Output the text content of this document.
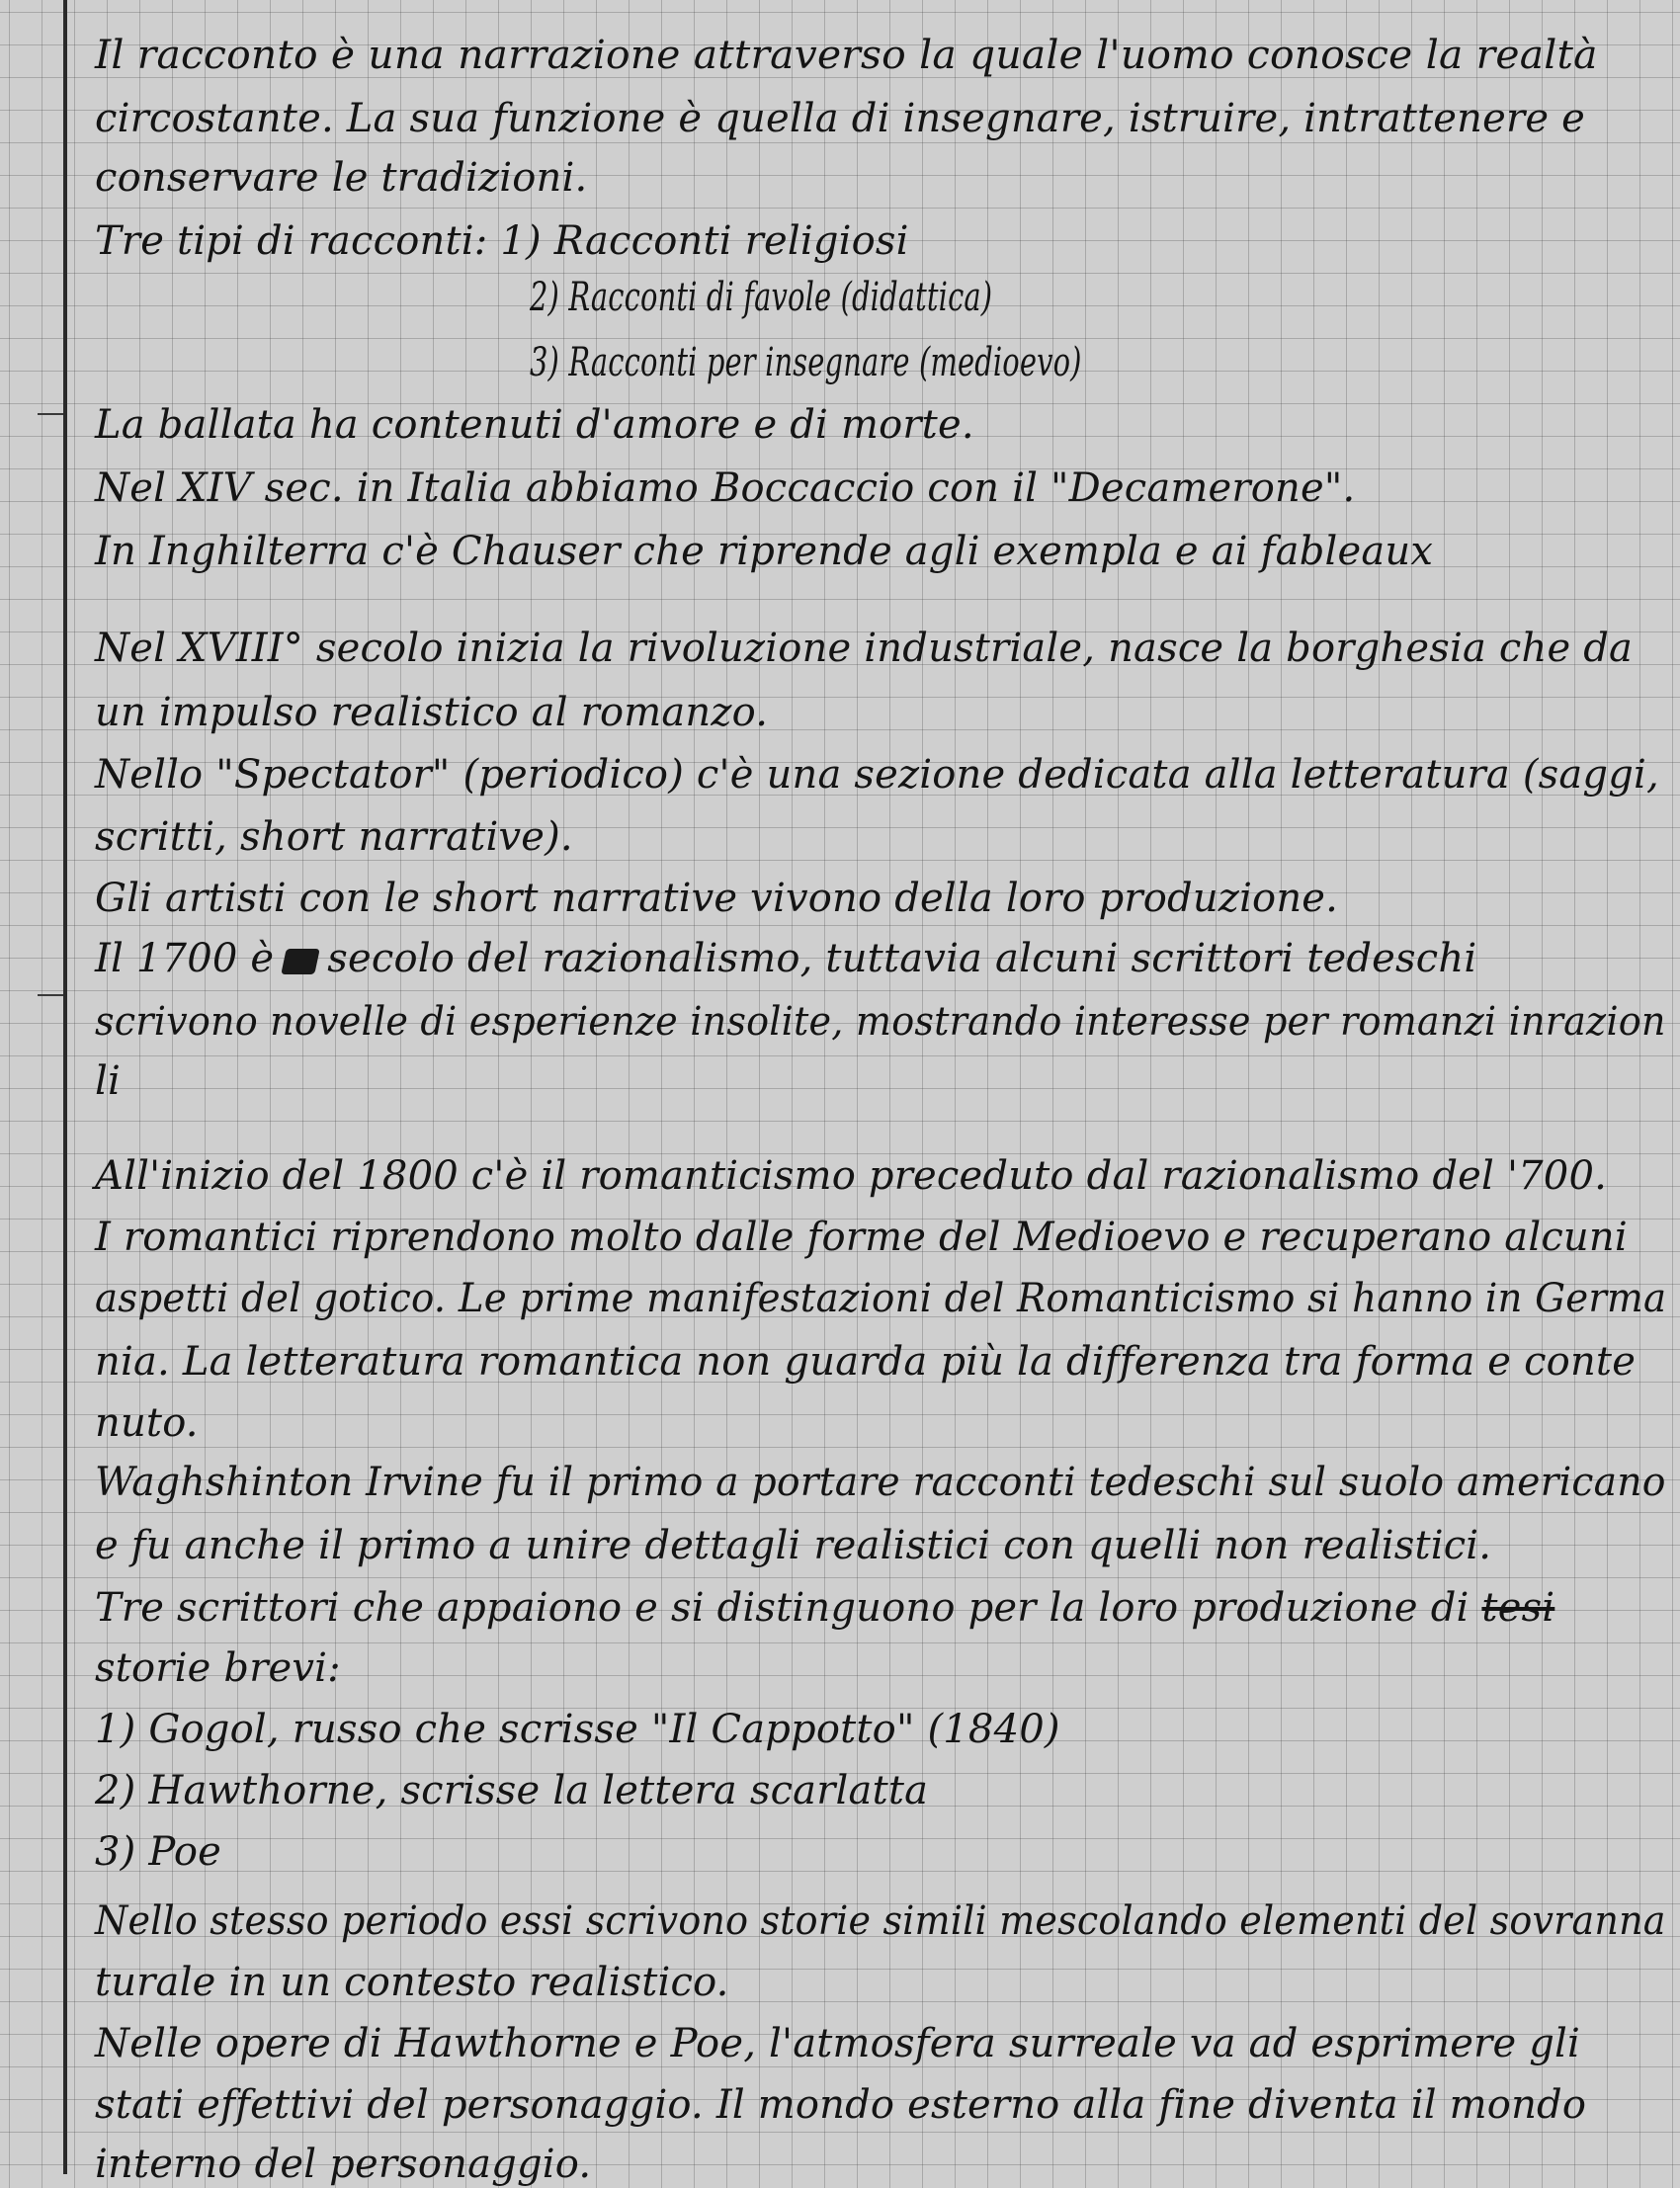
Il racconto è una narrazione attraverso la quale l'uomo conosce la realtà
circostante. La sua funzione è quella di insegnare, istruire, intrattenere e
conservare le tradizioni.
Tre tipi di racconti: 1) Racconti religiosi
2) Racconti di favole (didattica)
3) Racconti per insegnare (medioevo)
La ballata ha contenuti d'amore e di morte.
Nel XIV sec. in Italia abbiamo Boccaccio con il "Decamerone".
In Inghilterra c'è Chauser che riprende agli exempla e ai fableaux
Nel XVIII° secolo inizia la rivoluzione industriale, nasce la borghesia che da
un impulso realistico al romanzo.
Nello "Spectator" (periodico) c'è una sezione dedicata alla letteratura (saggi,
scritti, short narrative).
Gli artisti con le short narrative vivono della loro produzione.
Il 1700 è secolo del razionalismo, tuttavia alcuni scrittori tedeschi
scrivono novelle di esperienze insolite, mostrando interesse per romanzi inrazion
li
All'inizio del 1800 c'è il romanticismo preceduto dal razionalismo del '700.
I romantici riprendono molto dalle forme del Medioevo e recuperano alcuni
aspetti del gotico. Le prime manifestazioni del Romanticismo si hanno in Germa
nia. La letteratura romantica non guarda più la differenza tra forma e conte
nuto.
Waghshinton Irvine fu il primo a portare racconti tedeschi sul suolo americano
e fu anche il primo a unire dettagli realistici con quelli non realistici.
Tre scrittori che appaiono e si distinguono per la loro produzione di tesi
storie brevi:
1) Gogol, russo che scrisse "Il Cappotto" (1840)
2) Hawthorne, scrisse la lettera scarlatta
3) Poe
Nello stesso periodo essi scrivono storie simili mescolando elementi del sovranna
turale in un contesto realistico.
Nelle opere di Hawthorne e Poe, l'atmosfera surreale va ad esprimere gli
stati effettivi del personaggio. Il mondo esterno alla fine diventa il mondo
interno del personaggio.
